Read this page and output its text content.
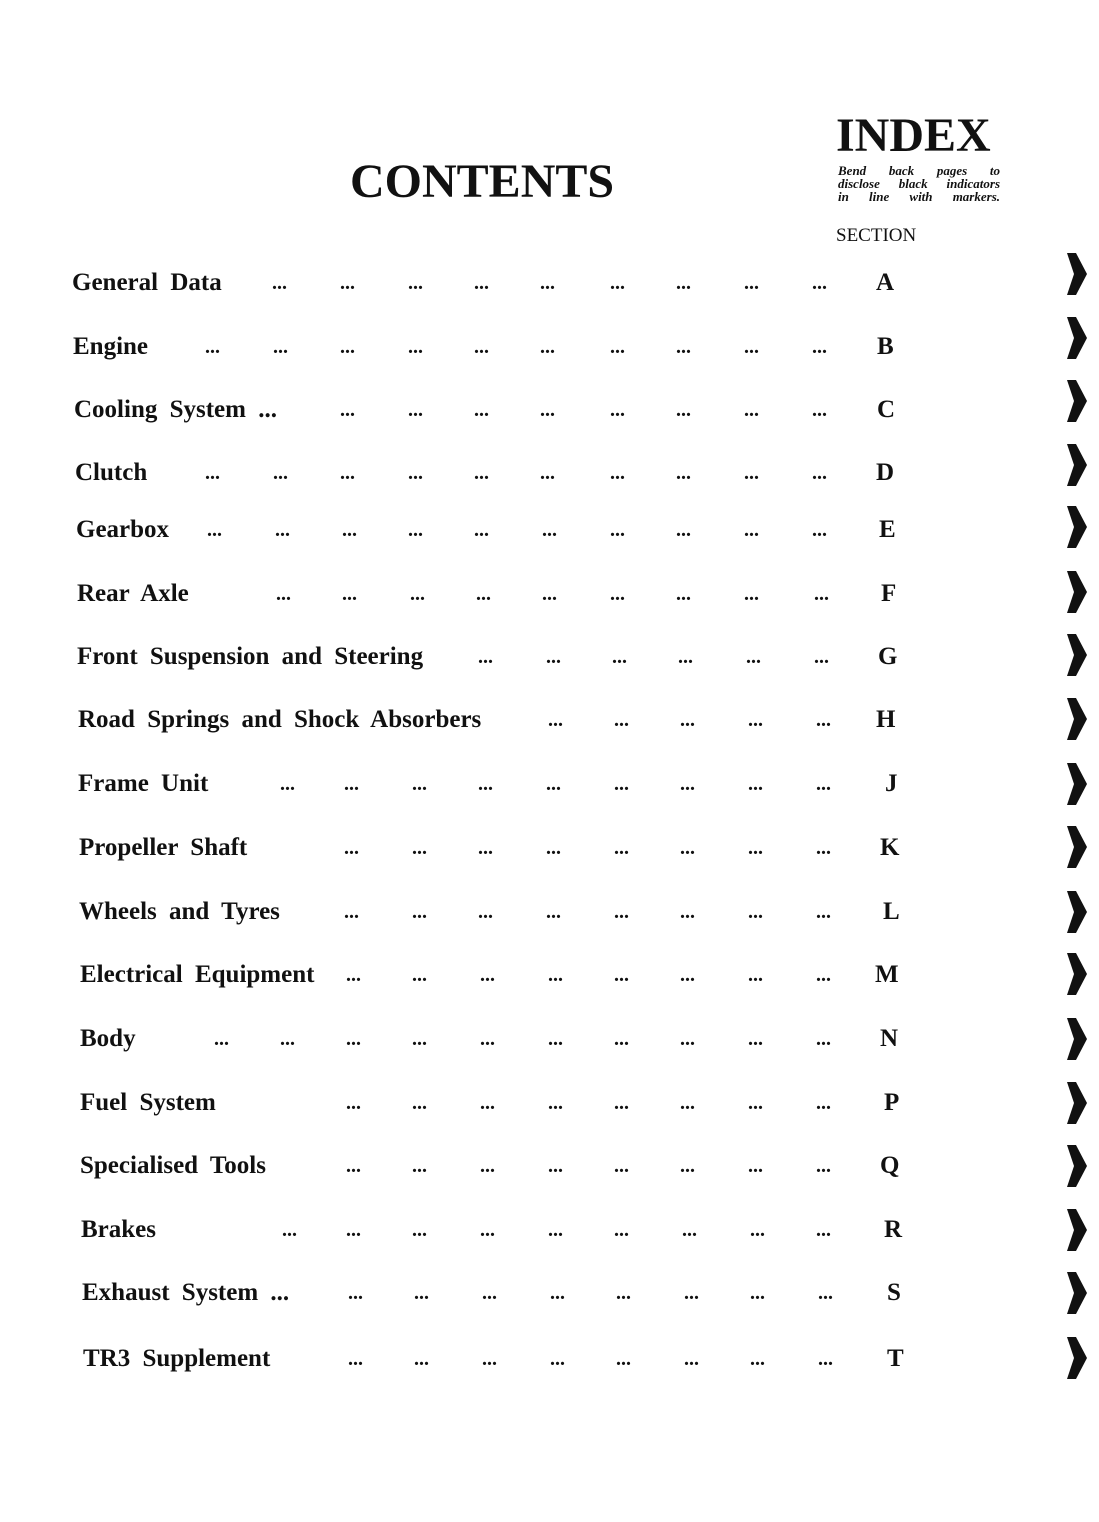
CONTENTS
INDEX
Bend back pages to
disclose black indicators
in line with markers.
SECTION
General Data	...	...	...	...	...	...	...	...	... A
Engine	...	...	...	...	...	...	...	...	...	... B
Cooling System ...	...	...	...	...	...	...	...	... C
Clutch	...	...	...	...	...	...	...	...	...	... D
Gearbox ...	...	...	...	...	...	...	...	...	... E
Rear Axle	...	...	...	...	...	...	...	...	... F
Front Suspension and Steering	...	...	...	...	...	... G
Road Springs and Shock Absorbers	...	...	...	...	... H
Frame Unit	... ...	...	...	...	...	...	...	... J
Propeller Shaft	...	...	...	...	...	...	...	... K
Wheels and Tyres	...	...	...	...	...	...	...	... L
Electrical Equipment ...	...	...	...	...	...	...	... M
Body	...	...	...	...	...	...	...	...	...	... N
Fuel System	...	...	...	...	...	...	...	... P
Specialised Tools	...	...	...	...	...	...	...	... Q
Brakes	... ...	...	...	...	...	...	...	... R
Exhaust System ...	...	...	...	...	...	...	...	... S
TR3 Supplement	...	...	...	...	...	...	...	... T
